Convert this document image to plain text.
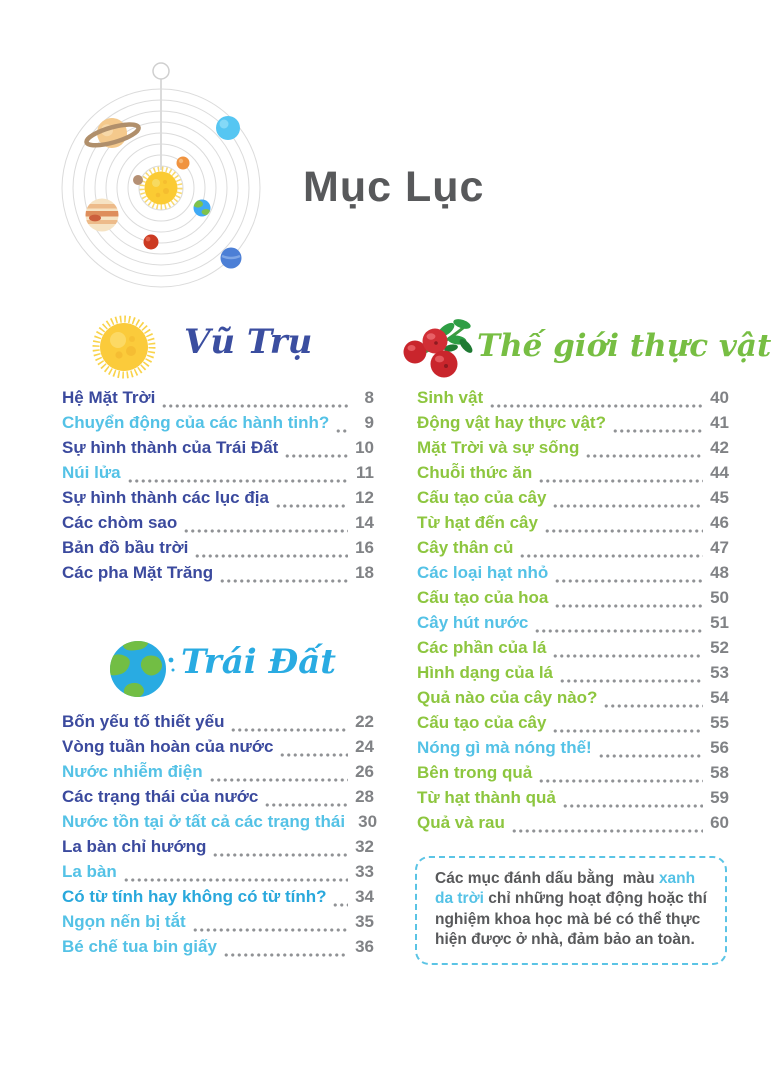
Mục Lục
Vũ Trụ
Hệ Mặt Trời	8
Chuyển động của các hành tinh?	9
Sự hình thành của Trái Đất	10
Núi lửa	11
Sự hình thành các lục địa	12
Các chòm sao	14
Bản đồ bầu trời	16
Các pha Mặt Trăng	18
Trái Đất
Bốn yếu tố thiết yếu	22
Vòng tuần hoàn của nước	24
Nước nhiễm điện	26
Các trạng thái của nước	28
Nước tồn tại ở tất cả các trạng thái 30
La bàn chỉ hướng	32
La bàn	33
Có từ tính hay không có từ tính? 34
Ngọn nến bị tắt	35
Bé chế tua bin giấy	36
Thế giới thực vật
Sinh vật	40
Động vật hay thực vật?	41
Mặt Trời và sự sống	42
Chuỗi thức ăn	44
Cấu tạo của cây	45
Từ hạt đến cây	46
Cây thân củ	47
Các loại hạt nhỏ	48
Cấu tạo của hoa	50
Cây hút nước	51
Các phần của lá	52
Hình dạng của lá	53
Quả nào của cây nào?	54
Cấu tạo của cây	55
Nóng gì mà nóng thế!	56
Bên trong quả	58
Từ hạt thành quả	59
Quả và rau	60

Các mục đánh dấu bằng  màu xanh da trời chỉ những hoạt động hoặc thí nghiệm khoa học mà bé có thể thực hiện được ở nhà, đảm bảo an toàn.
